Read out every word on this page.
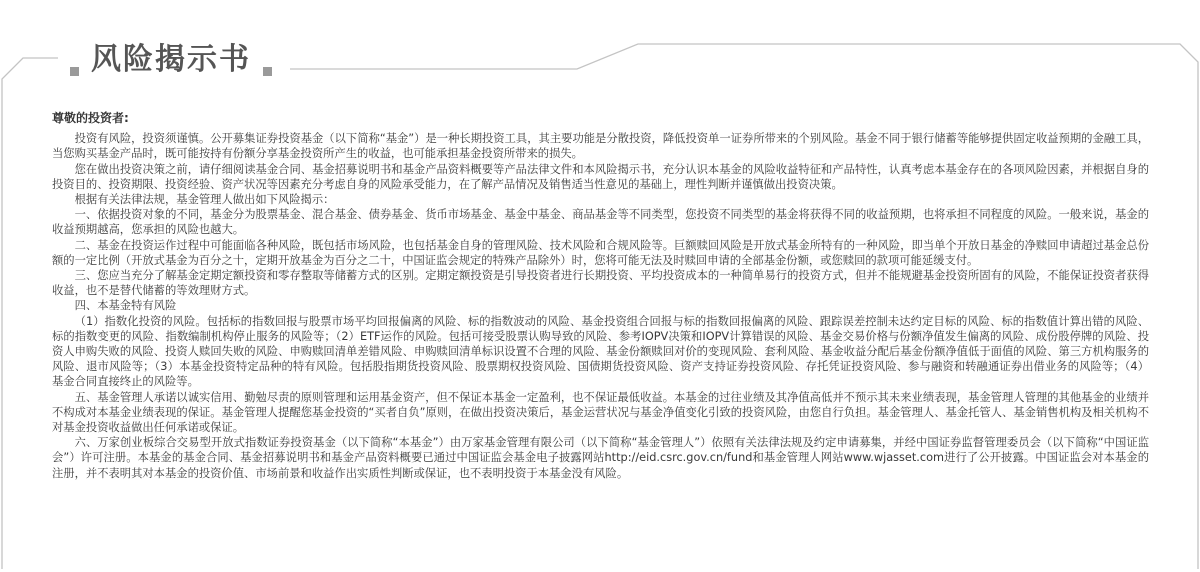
风险揭示书

尊敬的投资者:

投资有风险，投资须谨慎。公开募集证券投资基金（以下简称“基金”）是一种长期投资工具，其主要功能是分散投资，降低投资单一证券所带来的个别风险。基金不同于银行储蓄等能够提供固定收益预期的金融工具，当您购买基金产品时，既可能按持有份额分享基金投资所产生的收益，也可能承担基金投资所带来的损失。

您在做出投资决策之前，请仔细阅读基金合同、基金招募说明书和基金产品资料概要等产品法律文件和本风险揭示书，充分认识本基金的风险收益特征和产品特性，认真考虑本基金存在的各项风险因素，并根据自身的投资目的、投资期限、投资经验、资产状况等因素充分考虑自身的风险承受能力，在了解产品情况及销售适当性意见的基础上，理性判断并谨慎做出投资决策。

根据有关法律法规，基金管理人做出如下风险揭示：

一、依据投资对象的不同，基金分为股票基金、混合基金、债券基金、货币市场基金、基金中基金、商品基金等不同类型，您投资不同类型的基金将获得不同的收益预期，也将承担不同程度的风险。一般来说，基金的收益预期越高，您承担的风险也越大。

二、基金在投资运作过程中可能面临各种风险，既包括市场风险，也包括基金自身的管理风险、技术风险和合规风险等。巨额赎回风险是开放式基金所特有的一种风险，即当单个开放日基金的净赎回申请超过基金总份额的一定比例（开放式基金为百分之十，定期开放基金为百分之二十，中国证监会规定的特殊产品除外）时，您将可能无法及时赎回申请的全部基金份额，或您赎回的款项可能延缓支付。

三、您应当充分了解基金定期定额投资和零存整取等储蓄方式的区别。定期定额投资是引导投资者进行长期投资、平均投资成本的一种简单易行的投资方式，但并不能规避基金投资所固有的风险，不能保证投资者获得收益，也不是替代储蓄的等效理财方式。

四、本基金特有风险

（1）指数化投资的风险。包括标的指数回报与股票市场平均回报偏离的风险、标的指数波动的风险、基金投资组合回报与标的指数回报偏离的风险、跟踪误差控制未达约定目标的风险、标的指数值计算出错的风险、标的指数变更的风险、指数编制机构停止服务的风险等；（2）ETF运作的风险。包括可接受股票认购导致的风险、参考IOPV决策和IOPV计算错误的风险、基金交易价格与份额净值发生偏离的风险、成份股停牌的风险、投资人申购失败的风险、投资人赎回失败的风险、申购赎回清单差错风险、申购赎回清单标识设置不合理的风险、基金份额赎回对价的变现风险、套利风险、基金收益分配后基金份额净值低于面值的风险、第三方机构服务的风险、退市风险等；（3）本基金投资特定品种的特有风险。包括股指期货投资风险、股票期权投资风险、国债期货投资风险、资产支持证券投资风险、存托凭证投资风险、参与融资和转融通证券出借业务的风险等；（4）基金合同直接终止的风险等。

五、基金管理人承诺以诚实信用、勤勉尽责的原则管理和运用基金资产，但不保证本基金一定盈利，也不保证最低收益。本基金的过往业绩及其净值高低并不预示其未来业绩表现，基金管理人管理的其他基金的业绩并不构成对本基金业绩表现的保证。基金管理人提醒您基金投资的“买者自负”原则，在做出投资决策后，基金运营状况与基金净值变化引致的投资风险，由您自行负担。基金管理人、基金托管人、基金销售机构及相关机构不对基金投资收益做出任何承诺或保证。

六、万家创业板综合交易型开放式指数证券投资基金（以下简称“本基金”）由万家基金管理有限公司（以下简称“基金管理人”）依照有关法律法规及约定申请募集，并经中国证券监督管理委员会（以下简称“中国证监会”）许可注册。本基金的基金合同、基金招募说明书和基金产品资料概要已通过中国证监会基金电子披露网站http://eid.csrc.gov.cn/fund和基金管理人网站www.wjasset.com进行了公开披露。中国证监会对本基金的注册，并不表明其对本基金的投资价值、市场前景和收益作出实质性判断或保证，也不表明投资于本基金没有风险。
